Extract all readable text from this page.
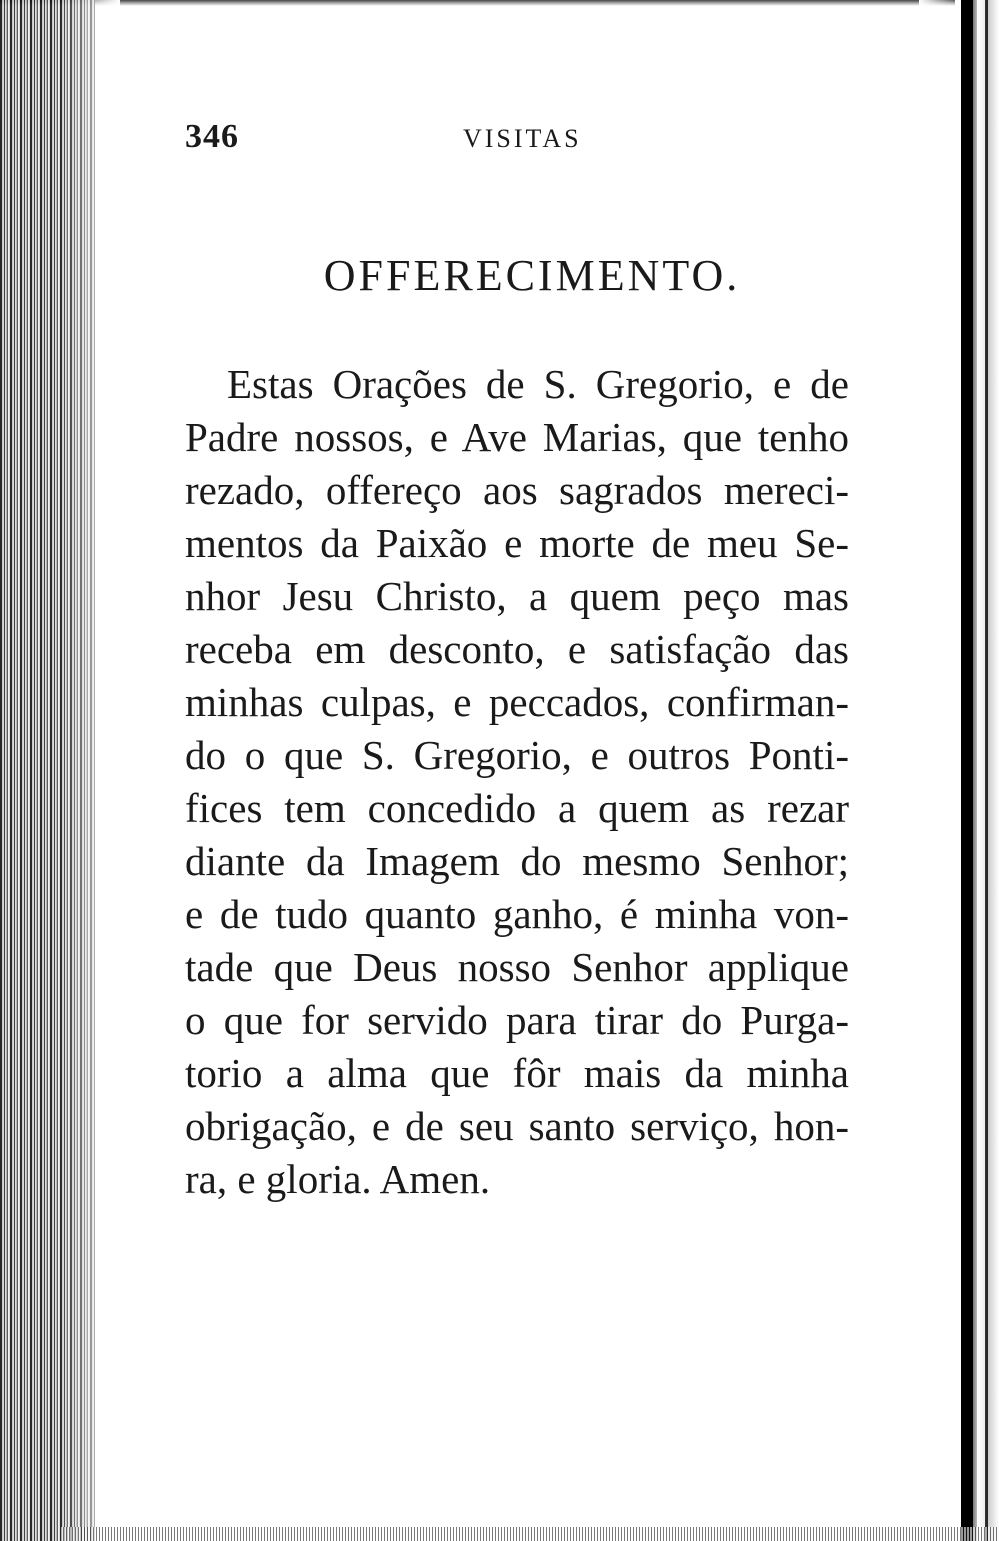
346	VISITAS
OFFERECIMENTO.
Estas Orações de S. Gregorio, e de
Padre nossos, e Ave Marias, que tenho
rezado, offereço aos sagrados mereci-
mentos da Paixão e morte de meu Se-
nhor Jesu Christo, a quem peço mas
receba em desconto, e satisfação das
minhas culpas, e peccados, confirman-
do o que S. Gregorio, e outros Ponti-
fices tem concedido a quem as rezar
diante da Imagem do mesmo Senhor;
e de tudo quanto ganho, é minha von-
tade que Deus nosso Senhor applique
o que for servido para tirar do Purga-
torio a alma que fôr mais da minha
obrigação, e de seu santo serviço, hon-
ra, e gloria. Amen.
